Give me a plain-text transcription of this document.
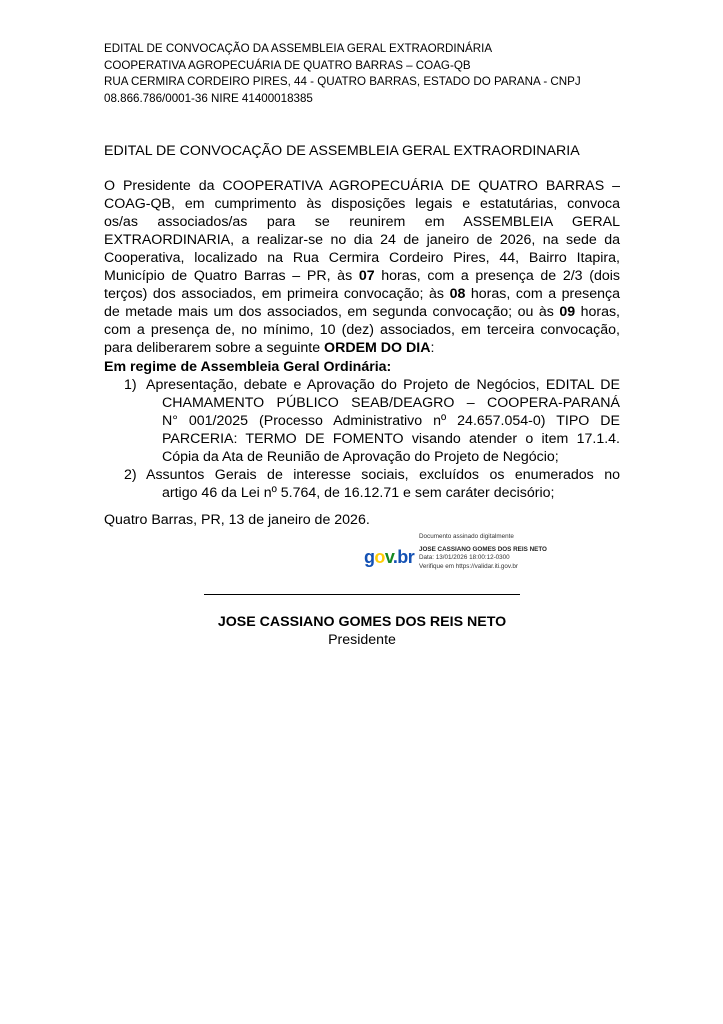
EDITAL DE CONVOCAÇÃO DA ASSEMBLEIA GERAL EXTRAORDINÁRIA
COOPERATIVA AGROPECUÁRIA DE QUATRO BARRAS – COAG-QB
RUA CERMIRA CORDEIRO PIRES, 44 - QUATRO BARRAS, ESTADO DO PARANA - CNPJ
08.866.786/0001-36 NIRE 41400018385
EDITAL DE CONVOCAÇÃO DE ASSEMBLEIA GERAL EXTRAORDINARIA
O Presidente da COOPERATIVA AGROPECUÁRIA DE QUATRO BARRAS –
COAG-QB, em cumprimento às disposições legais e estatutárias, convoca
os/as associados/as para se reunirem em ASSEMBLEIA GERAL
EXTRAORDINARIA, a realizar-se no dia 24 de janeiro de 2026, na sede da
Cooperativa, localizado na Rua Cermira Cordeiro Pires, 44, Bairro Itapira,
Município de Quatro Barras – PR, às 07 horas, com a presença de 2/3 (dois
terços) dos associados, em primeira convocação; às 08 horas, com a presença
de metade mais um dos associados, em segunda convocação; ou às 09 horas,
com a presença de, no mínimo, 10 (dez) associados, em terceira convocação,
para deliberarem sobre a seguinte ORDEM DO DIA:
Em regime de Assembleia Geral Ordinária:
1) Apresentação, debate e Aprovação do Projeto de Negócios, EDITAL DE
CHAMAMENTO PÚBLICO SEAB/DEAGRO – COOPERA-PARANÁ
N° 001/2025 (Processo Administrativo nº 24.657.054-0) TIPO DE
PARCERIA: TERMO DE FOMENTO visando atender o item 17.1.4.
Cópia da Ata de Reunião de Aprovação do Projeto de Negócio;
2) Assuntos Gerais de interesse sociais, excluídos os enumerados no
artigo 46 da Lei nº 5.764, de 16.12.71 e sem caráter decisório;
Quatro Barras, PR, 13 de janeiro de 2026.
gov.br
Documento assinado digitalmente
JOSE CASSIANO GOMES DOS REIS NETO
Data: 13/01/2026 18:00:12-0300
Verifique em https://validar.iti.gov.br
JOSE CASSIANO GOMES DOS REIS NETO
Presidente
